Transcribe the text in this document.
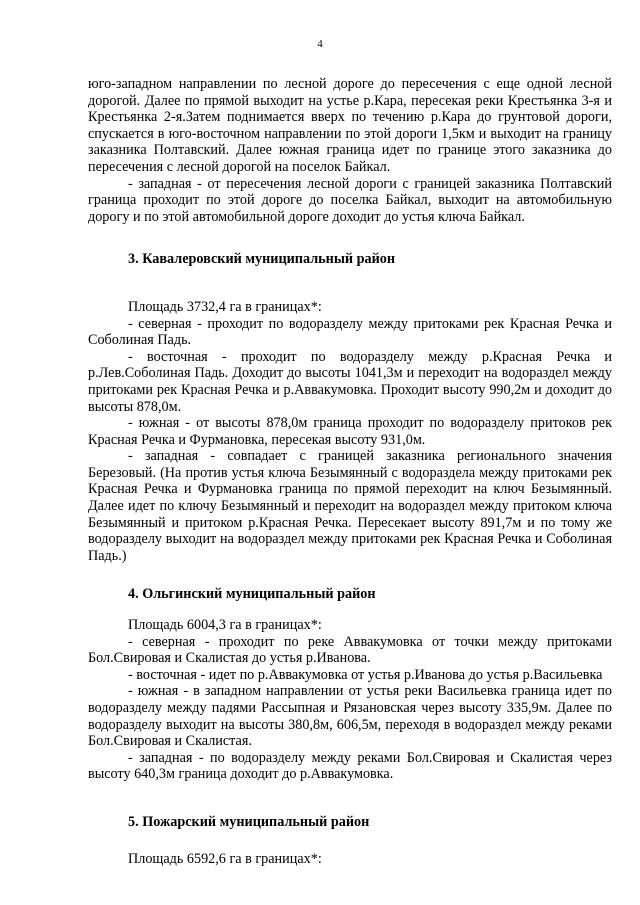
4

юго-западном направлении по лесной дороге до пересечения с еще одной лесной дорогой. Далее по прямой выходит на устье р.Кара, пересекая реки Крестьянка 3-я и Крестьянка 2-я.Затем поднимается вверх по течению р.Кара до грунтовой дороги, спускается в юго-восточном направлении по этой дороги 1,5км и выходит на границу заказника Полтавский. Далее южная граница идет по границе этого заказника до пересечения с лесной дорогой на поселок Байкал.

- западная - от пересечения лесной дороги с границей заказника Полтавский граница проходит по этой дороге до поселка Байкал, выходит на автомобильную дорогу и по этой автомобильной дороге доходит до устья ключа Байкал.

3. Кавалеровский муниципальный район

Площадь 3732,4 га в границах*:

- северная - проходит по водоразделу между притоками рек Красная Речка и Соболиная Падь.

- восточная - проходит по водоразделу между р.Красная Речка и р.Лев.Соболиная Падь. Доходит до высоты 1041,3м и переходит на водораздел между притоками рек Красная Речка и р.Аввакумовка. Проходит высоту 990,2м и доходит до высоты 878,0м.

- южная - от высоты 878,0м граница проходит по водоразделу притоков рек Красная Речка и Фурмановка, пересекая высоту 931,0м.

- западная - совпадает с границей заказника регионального значения Березовый. (На против устья ключа Безымянный с водораздела между притоками рек Красная Речка и Фурмановка граница по прямой переходит на ключ Безымянный. Далее идет по ключу Безымянный и переходит на водораздел между притоком ключа Безымянный и притоком р.Красная Речка. Пересекает высоту 891,7м и по тому же водоразделу выходит на водораздел между притоками рек Красная Речка и Соболиная Падь.)

4. Ольгинский муниципальный район

Площадь 6004,3 га в границах*:

- северная - проходит по реке Аввакумовка от точки между притоками Бол.Свировая и Скалистая до устья р.Иванова.

- восточная - идет по р.Аввакумовка от устья р.Иванова до устья р.Васильевка

- южная - в западном направлении от устья реки Васильевка граница идет по водоразделу между падями Рассыпная и Рязановская через высоту 335,9м. Далее по водоразделу выходит на высоты 380,8м, 606,5м, переходя в водораздел между реками Бол.Свировая и Скалистая.

- западная - по водоразделу между реками Бол.Свировая и Скалистая через высоту 640,3м граница доходит до р.Аввакумовка.

5. Пожарский муниципальный район

Площадь 6592,6 га в границах*:
